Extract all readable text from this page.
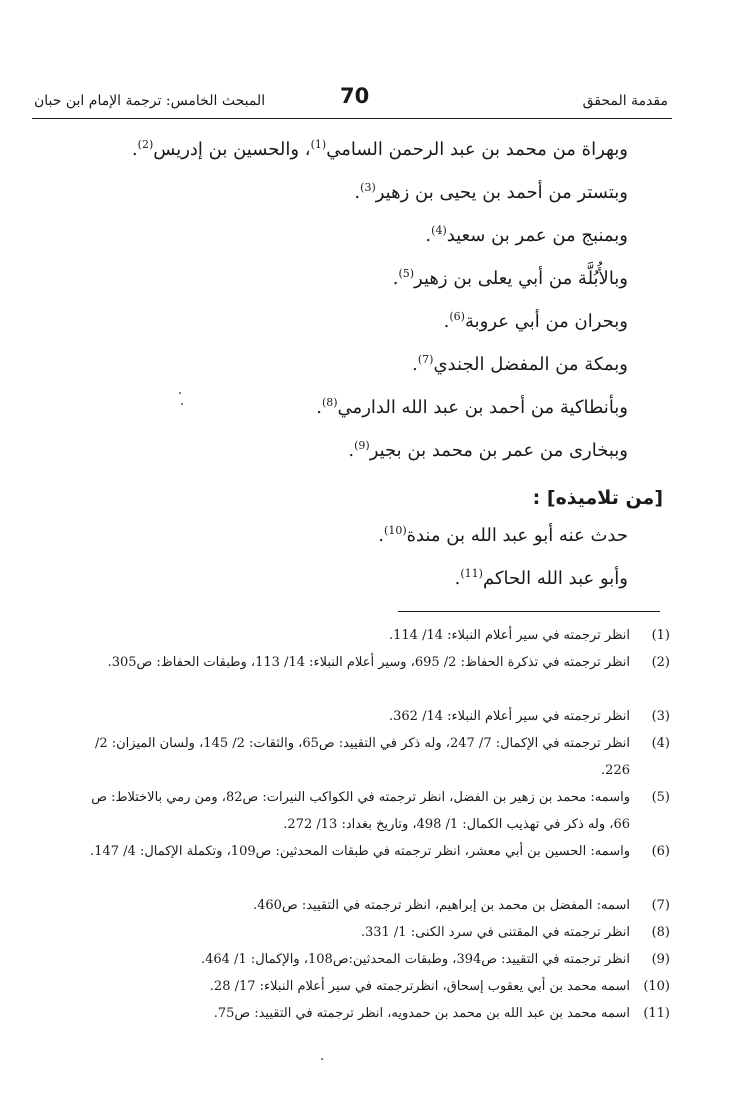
مقدمة المحقق
70
المبحث الخامس: ترجمة الإمام ابن حبان
وبهراة من محمد بن عبد الرحمن السامي$^{(1)}$، والحسين بن إدريس$^{(2)}$.
وبتستر من أحمد بن يحيى بن زهير$^{(3)}$.
وبمنبج من عمر بن سعيد$^{(4)}$.
وبالأُبُلَّة من أبي يعلى بن زهير$^{(5)}$.
وبحران من أبي عروبة$^{(6)}$.
وبمكة من المفضل الجندي$^{(7)}$.
وبأنطاكية من أحمد بن عبد الله الدارمي$^{(8)}$.
وببخارى من عمر بن محمد بن بجير$^{(9)}$.
[من تلاميذه] :
حدث عنه أبو عبد الله بن مندة$^{(10)}$.
وأبو عبد الله الحاكم$^{(11)}$.
(1)
انظر ترجمته في سير أعلام النبلاء: 14/ 114.
(2)
انظر ترجمته في تذكرة الحفاظ: 2/ 695، وسير أعلام النبلاء: 14/ 113، وطبقات الحفاظ: ص305.
(3)
انظر ترجمته في سير أعلام النبلاء: 14/ 362.
(4)
انظر ترجمته في الإكمال: 7/ 247، وله ذكر في التقييد: ص65، والثقات: 2/ 145، ولسان الميزان: 2/ 226.
(5)
واسمه: محمد بن زهير بن الفضل، انظر ترجمته في الكواكب النيرات: ص82، ومن رمي بالاختلاط: ص 66، وله ذكر في تهذيب الكمال: 1/ 498، وتاريخ بغداد: 13/ 272.
(6)
واسمه: الحسين بن أبي معشر، انظر ترجمته في طبقات المحدثين: ص109، وتكملة الإكمال: 4/ 147.
(7)
اسمه: المفضل بن محمد بن إبراهيم، انظر ترجمته في التقييد: ص460.
(8)
انظر ترجمته في المقتنى في سرد الكنى: 1/ 331.
(9)
انظر ترجمته في التقييد: ص394، وطبقات المحدثين:ص108، والإكمال: 1/ 464.
(10)
اسمه محمد بن أبي يعقوب إسحاق، انظرترجمته في سير أعلام النبلاء: 17/ 28.
(11)
اسمه محمد بن عبد الله بن محمد بن حمدويه، انظر ترجمته في التقييد: ص75.
